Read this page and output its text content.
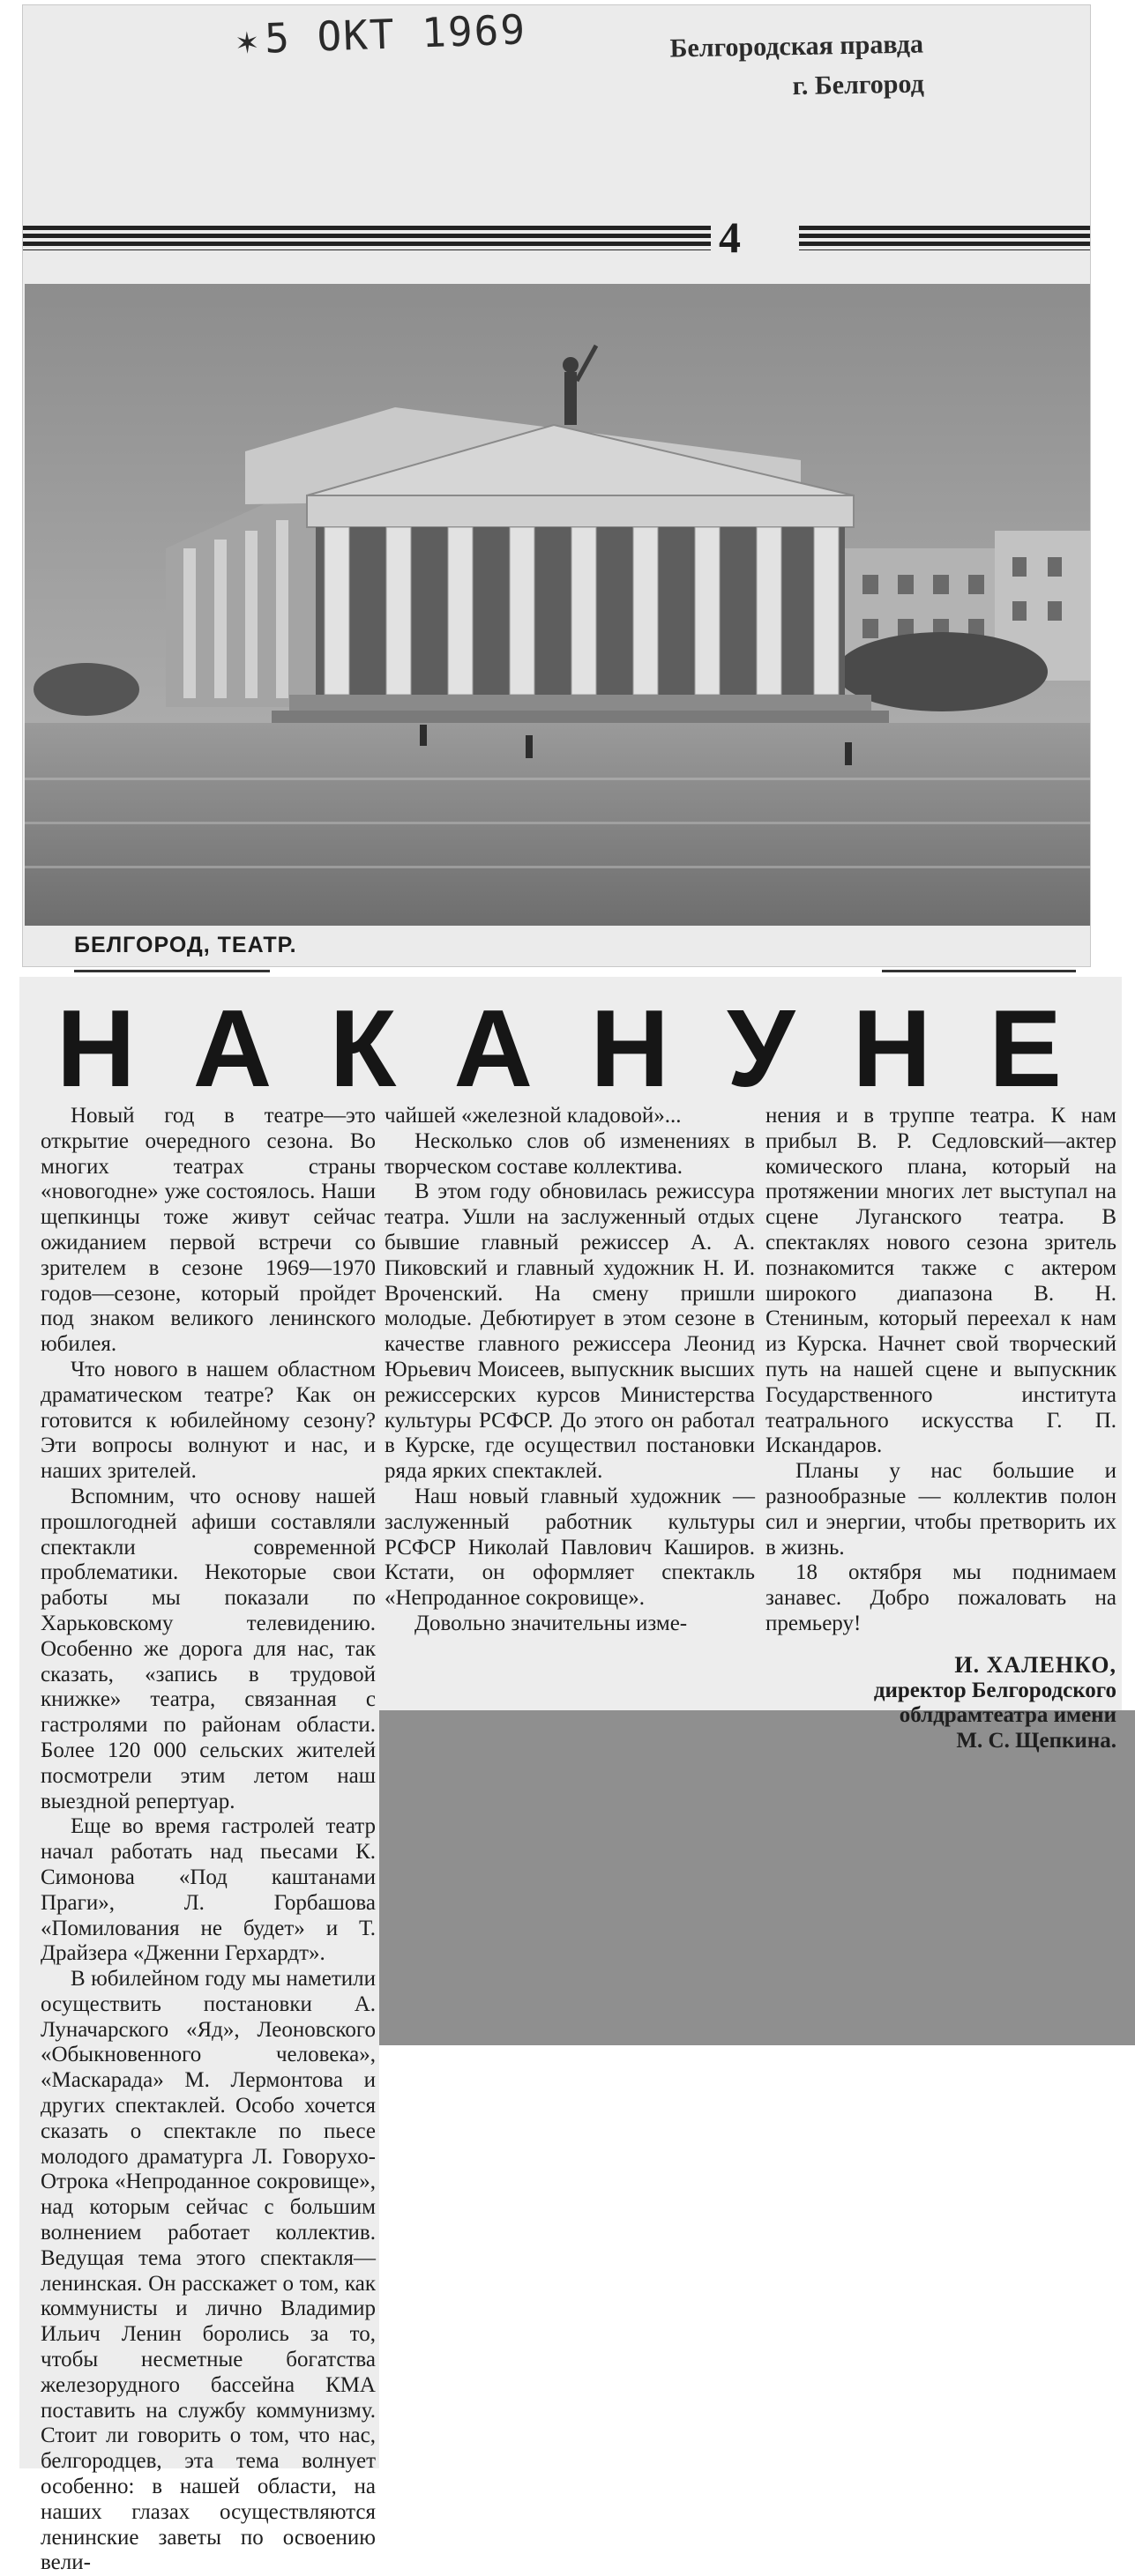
✶5 ОКТ 1969	Белгородская правда
г. Белгород
4
БЕЛГОРОД, ТЕАТР.
Н А К А Н У Н Е

Новый год в театре—это открытие очередного сезона. Во многих театрах страны «новогодне» уже состоялось. Наши щепкинцы тоже живут сейчас ожиданием первой встречи со зрителем в сезоне 1969—1970 годов—сезоне, который пройдет под знаком великого ленинского юбилея.

Что нового в нашем областном драматическом театре? Как он готовится к юбилейному сезону? Эти вопросы волнуют и нас, и наших зрителей.

Вспомним, что основу нашей прошлогодней афиши составляли спектакли современной проблематики. Некоторые свои работы мы показали по Харьковскому телевидению. Особенно же дорога для нас, так сказать, «запись в трудовой книжке» театра, связанная с гастролями по районам области. Более 120 000 сельских жителей посмотрели этим летом наш выездной репертуар.

Еще во время гастролей театр начал работать над пьесами К. Симонова «Под каштанами Праги», Л. Горбашова «Помилования не будет» и Т. Драйзера «Дженни Герхардт».

В юбилейном году мы наметили осуществить постановки А. Луначарского «Яд», Леоновского «Обыкновенного человека», «Маскарада» М. Лермонтова и других спектаклей. Особо хочется сказать о спектакле по пьесе молодого драматурга Л. Говорухо-Отрока «Непроданное сокровище», над которым сейчас с большим волнением работает коллектив. Ведущая тема этого спектакля—ленинская. Он расскажет о том, как коммунисты и лично Владимир Ильич Ленин боролись за то, чтобы несметные богатства железорудного бассейна КМА поставить на службу коммунизму. Стоит ли говорить о том, что нас, белгородцев, эта тема волнует особенно: в нашей области, на наших глазах осуществляются ленинские заветы по освоению вели-

чайшей «железной кладовой»...

Несколько слов об изменениях в творческом составе коллектива.

В этом году обновилась режиссура театра. Ушли на заслуженный отдых бывшие главный режиссер А. А. Пиковский и главный художник Н. И. Вроченский. На смену пришли молодые. Дебютирует в этом сезоне в качестве главного режиссера Леонид Юрьевич Моисеев, выпускник высших режиссерских курсов Министерства культуры РСФСР. До этого он работал в Курске, где осуществил постановки ряда ярких спектаклей.

Наш новый главный художник — заслуженный работник культуры РСФСР Николай Павлович Каширов. Кстати, он оформляет спектакль «Непроданное сокровище».

Довольно значительны изме-

нения и в труппе театра. К нам прибыл В. Р. Седловский—актер комического плана, который на протяжении многих лет выступал на сцене Луганского театра. В спектаклях нового сезона зритель познакомится также с актером широкого диапазона В. Н. Стениным, который переехал к нам из Курска. Начнет свой творческий путь на нашей сцене и выпускник Государственного института театрального искусства Г. П. Искандаров.

Планы у нас большие и разнообразные — коллектив полон сил и энергии, чтобы претворить их в жизнь.

18 октября мы поднимаем занавес. Добро пожаловать на премьеру!

И. ХАЛЕНКО,
директор Белгородского
облдрамтеатра имени
М. С. Щепкина.
